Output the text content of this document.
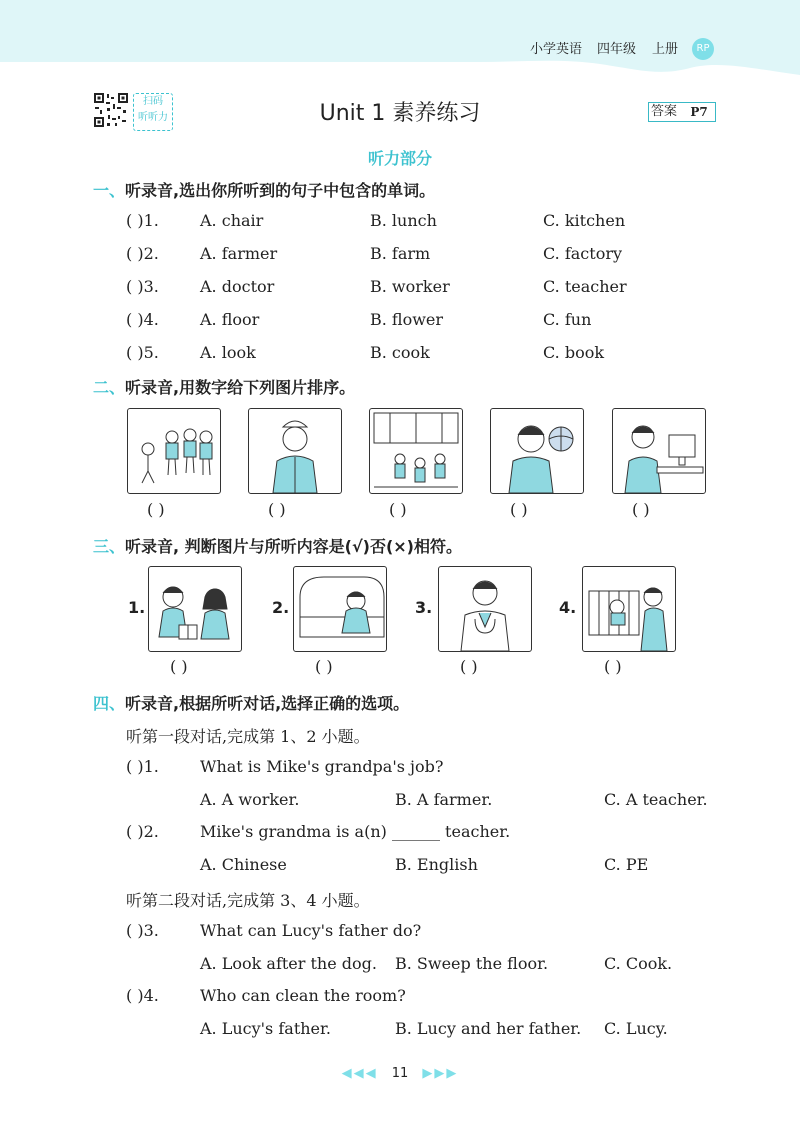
小学英语 四年级 上册	RP
扫码
听听力	Unit 1 素养练习	答案	P7
听力部分
一、听录音,选出你所听到的句子中包含的单词。
( )1.	A. chair	B. lunch	C. kitchen
( )2.	A. farmer	B. farm	C. factory
( )3.	A. doctor	B. worker	C. teacher
( )4.	A. floor	B. flower	C. fun
( )5.	A. look	B. cook	C. book
二、听录音,用数字给下列图片排序。
( )	( )	( )	( )	( )
三、听录音, 判断图片与所听内容是(√)否(×)相符。
1.	2.	3.	4.
( )	( )	( )	( )
四、听录音,根据所听对话,选择正确的选项。
听第一段对话,完成第 1、2 小题。
( )1.	What is Mike's grandpa's job?
A. A worker.	B. A farmer.	C. A teacher.
( )2.	Mike's grandma is a(n) ______ teacher.
A. Chinese	B. English	C. PE
听第二段对话,完成第 3、4 小题。
( )3.	What can Lucy's father do?
A. Look after the dog. B. Sweep the floor.	C. Cook.
( )4.	Who can clean the room?
A. Lucy's father.	B. Lucy and her father. C. Lucy.
◀◀◀ 11 ▶▶▶
